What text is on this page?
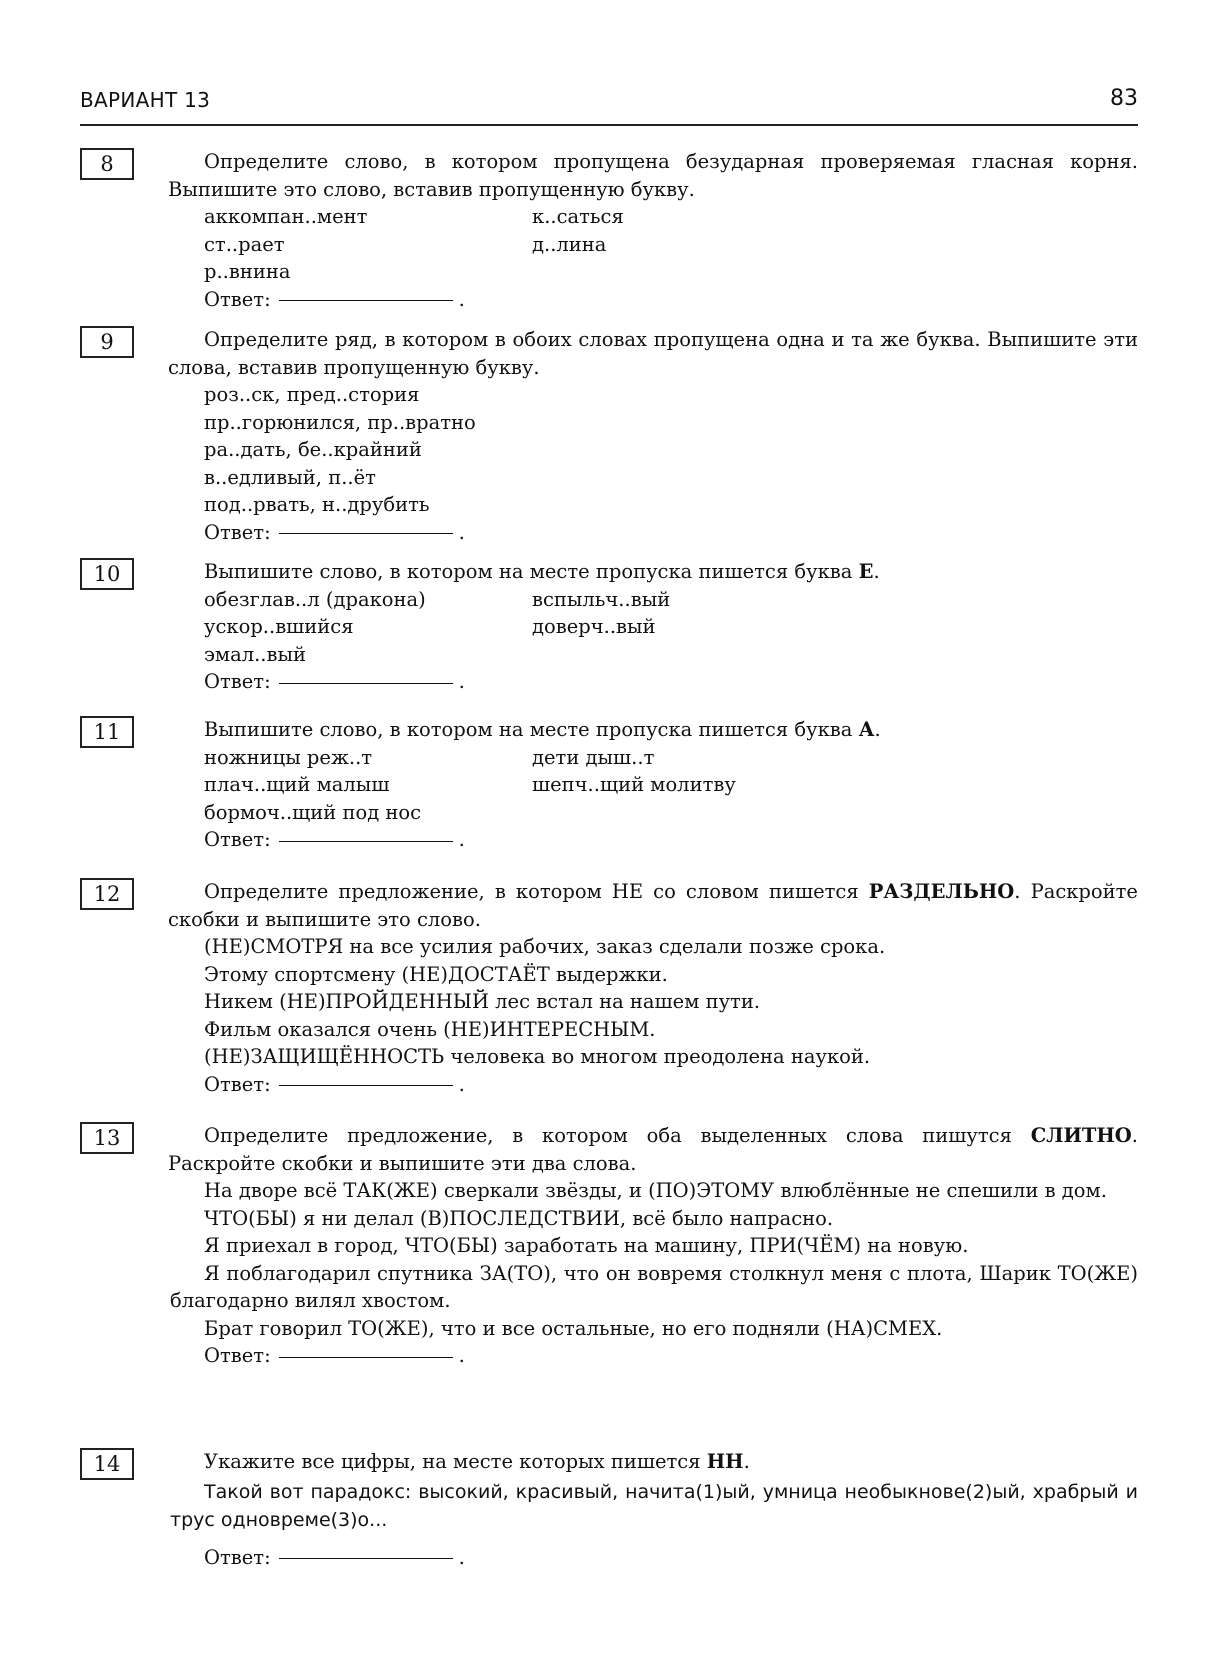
ВАРИАНТ 13	83
8	Определите слово, в котором пропущена безударная проверяемая гласная корня. Выпишите это слово, вставив пропущенную букву.
аккомпан..мент	к..саться
ст..рает	д..лина
р..внина
Ответ:	.
9	Определите ряд, в котором в обоих словах пропущена одна и та же буква. Выпишите эти слова, вставив пропущенную букву.
роз..ск, пред..стория
пр..горюнился, пр..вратно
ра..дать, бе..крайний
в..едливый, п..ёт
под..рвать, н..друбить
Ответ:	.
10	Выпишите слово, в котором на месте пропуска пишется буква Е.
обезглав..л (дракона)	вспыльч..вый
ускор..вшийся	доверч..вый
эмал..вый
Ответ:	.
11	Выпишите слово, в котором на месте пропуска пишется буква А.
ножницы реж..т	дети дыш..т
плач..щий малыш	шепч..щий молитву
бормоч..щий под нос
Ответ:	.
12	Определите предложение, в котором НЕ со словом пишется РАЗДЕЛЬНО. Раскройте скобки и выпишите это слово.
(НЕ)СМОТРЯ на все усилия рабочих, заказ сделали позже срока.
Этому спортсмену (НЕ)ДОСТАЁТ выдержки.
Никем (НЕ)ПРОЙДЕННЫЙ лес встал на нашем пути.
Фильм оказался очень (НЕ)ИНТЕРЕСНЫМ.
(НЕ)ЗАЩИЩЁННОСТЬ человека во многом преодолена наукой.
Ответ:	.
13	Определите предложение, в котором оба выделенных слова пишутся СЛИТНО. Раскройте скобки и выпишите эти два слова.
На дворе всё ТАК(ЖЕ) сверкали звёзды, и (ПО)ЭТОМУ влюблённые не спешили в дом.
ЧТО(БЫ) я ни делал (В)ПОСЛЕДСТВИИ, всё было напрасно.
Я приехал в город, ЧТО(БЫ) заработать на машину, ПРИ(ЧЁМ) на новую.
Я поблагодарил спутника ЗА(ТО), что он вовремя столкнул меня с плота, Шарик ТО(ЖЕ) благодарно вилял хвостом.
Брат говорил ТО(ЖЕ), что и все остальные, но его подняли (НА)СМЕХ.
Ответ:	.
14	Укажите все цифры, на месте которых пишется НН.
Такой вот парадокс: высокий, красивый, начита(1)ый, умница необыкнове(2)ый, храбрый и трус одновреме(3)о...
Ответ:	.
